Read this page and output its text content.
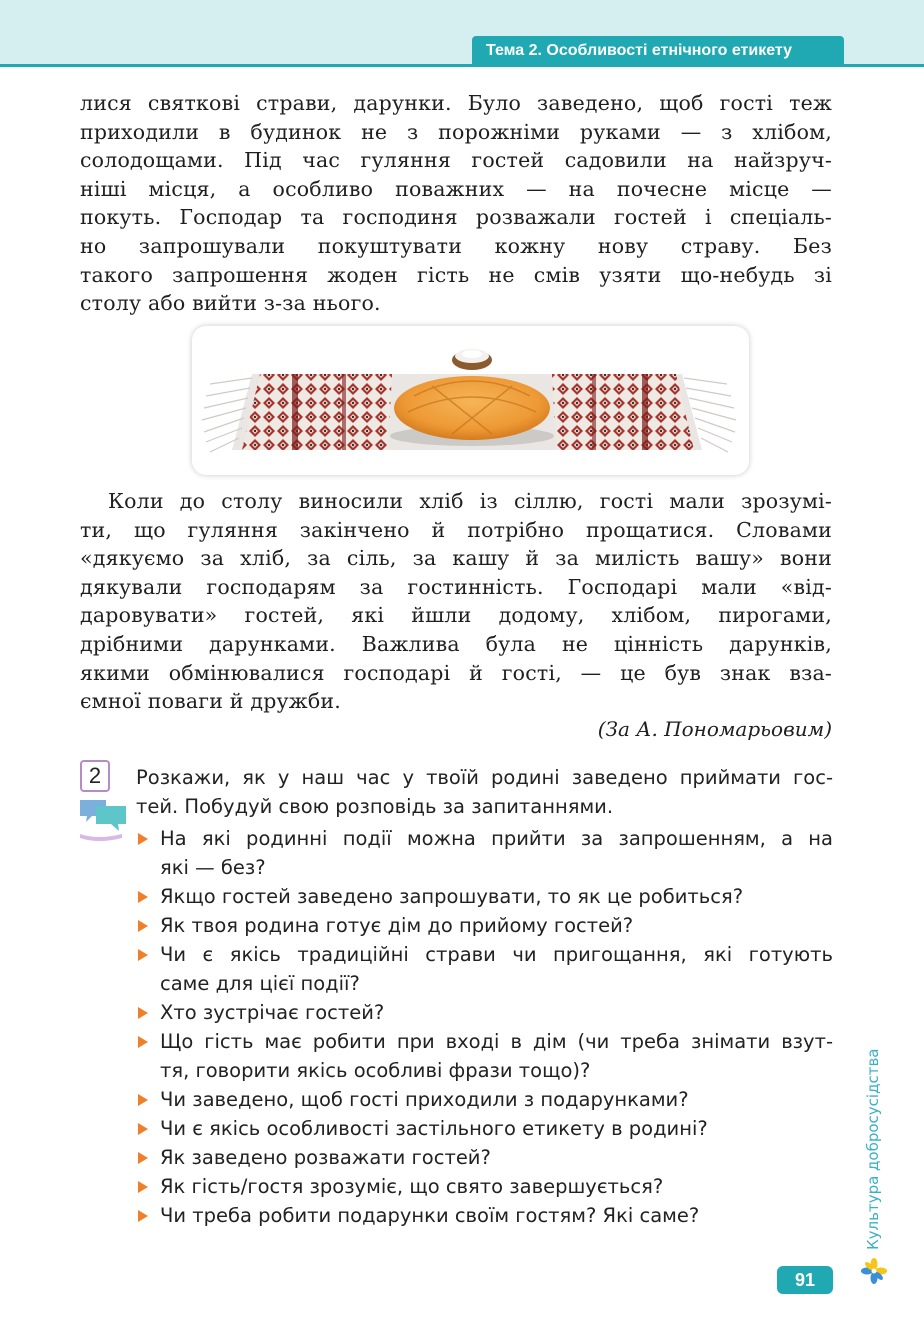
Тема 2. Особливості етнічного етикету
лися святкові страви, дарунки. Було заведено, щоб гості теж
приходили в будинок не з порожніми руками — з хлібом,
солодощами. Під час гуляння гостей садовили на найзруч-
ніші місця, а особливо поважних — на почесне місце —
покуть. Господар та господиня розважали гостей і спеціаль-
но запрошували покуштувати кожну нову страву. Без
такого запрошення жоден гість не смів узяти що-небудь зі
столу або вийти з-за нього.
Коли до столу виносили хліб із сіллю, гості мали зрозумі-
ти, що гуляння закінчено й потрібно прощатися. Словами
«дякуємо за хліб, за сіль, за кашу й за милість вашу» вони
дякували господарям за гостинність. Господарі мали «від-
даровувати» гостей, які йшли додому, хлібом, пирогами,
дрібними дарунками. Важлива була не цінність дарунків,
якими обмінювалися господарі й гості, — це був знак вза-
ємної поваги й дружби.
(За А. Пономарьовим)
2	Розкажи, як у наш час у твоїй родині заведено приймати гос-
тей. Побудуй свою розповідь за запитаннями.
На які родинні події можна прийти за запрошенням, а на
які — без?
Якщо гостей заведено запрошувати, то як це робиться?
Як твоя родина готує дім до прийому гостей?
Чи є якісь традиційні страви чи пригощання, які готують
саме для цієї події?
Хто зустрічає гостей?
Що гість має робити при вході в дім (чи треба знімати взут-
тя, говорити якісь особливі фрази тощо)?
Чи заведено, щоб гості приходили з подарунками?
Чи є якісь особливості застільного етикету в родині?
Як заведено розважати гостей?
Як гість/гостя зрозуміє, що свято завершується?
Чи треба робити подарунки своїм гостям? Які саме?	Культура добросусідства
91
